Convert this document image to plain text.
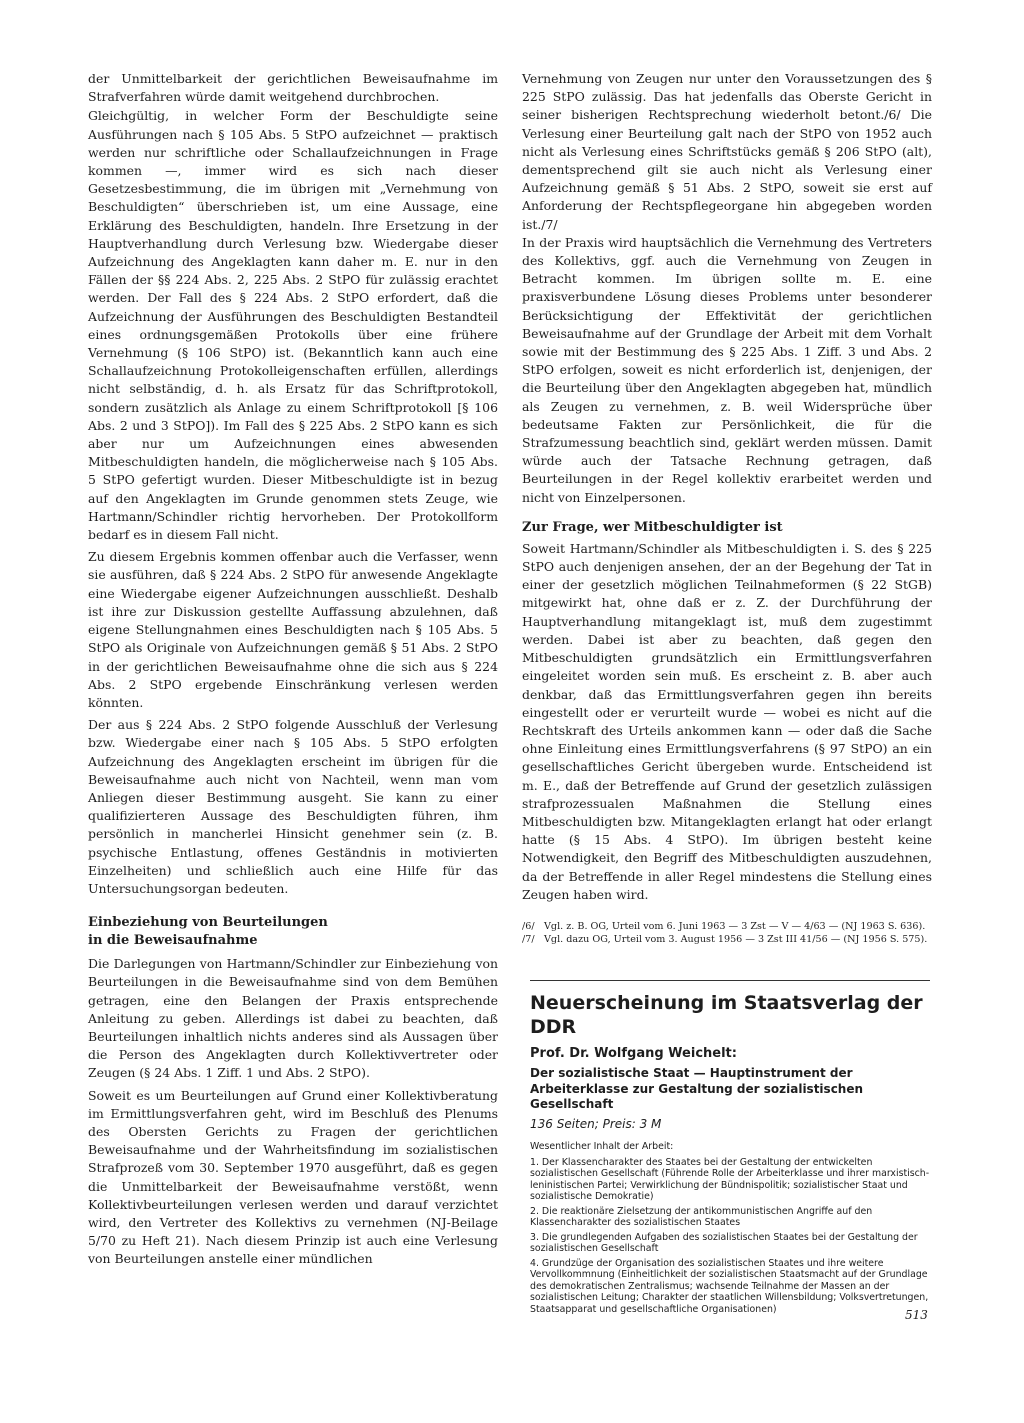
der Unmittelbarkeit der gerichtlichen Beweisaufnahme im Strafverfahren würde damit weitgehend durchbrochen.

Gleichgültig, in welcher Form der Beschuldigte seine Ausführungen nach § 105 Abs. 5 StPO aufzeichnet — praktisch werden nur schriftliche oder Schallaufzeichnungen in Frage kommen —, immer wird es sich nach dieser Gesetzesbestimmung, die im übrigen mit „Vernehmung von Beschuldigten“ überschrieben ist, um eine Aussage, eine Erklärung des Beschuldigten, handeln. Ihre Ersetzung in der Hauptverhandlung durch Verlesung bzw. Wiedergabe dieser Aufzeichnung des Angeklagten kann daher m. E. nur in den Fällen der §§ 224 Abs. 2, 225 Abs. 2 StPO für zulässig erachtet werden. Der Fall des § 224 Abs. 2 StPO erfordert, daß die Aufzeichnung der Ausführungen des Beschuldigten Bestandteil eines ordnungsgemäßen Protokolls über eine frühere Vernehmung (§ 106 StPO) ist. (Bekanntlich kann auch eine Schallaufzeichnung Protokolleigenschaften erfüllen, allerdings nicht selbständig, d. h. als Ersatz für das Schriftprotokoll, sondern zusätzlich als Anlage zu einem Schriftprotokoll [§ 106 Abs. 2 und 3 StPO]). Im Fall des § 225 Abs. 2 StPO kann es sich aber nur um Aufzeichnungen eines abwesenden Mitbeschuldigten handeln, die möglicherweise nach § 105 Abs. 5 StPO gefertigt wurden. Dieser Mitbeschuldigte ist in bezug auf den Angeklagten im Grunde genommen stets Zeuge, wie Hartmann/Schindler richtig hervorheben. Der Protokollform bedarf es in diesem Fall nicht.

Zu diesem Ergebnis kommen offenbar auch die Verfasser, wenn sie ausführen, daß § 224 Abs. 2 StPO für anwesende Angeklagte eine Wiedergabe eigener Aufzeichnungen ausschließt. Deshalb ist ihre zur Diskussion gestellte Auffassung abzulehnen, daß eigene Stellungnahmen eines Beschuldigten nach § 105 Abs. 5 StPO als Originale von Aufzeichnungen gemäß § 51 Abs. 2 StPO in der gerichtlichen Beweisaufnahme ohne die sich aus § 224 Abs. 2 StPO ergebende Einschränkung verlesen werden könnten.

Der aus § 224 Abs. 2 StPO folgende Ausschluß der Verlesung bzw. Wiedergabe einer nach § 105 Abs. 5 StPO erfolgten Aufzeichnung des Angeklagten erscheint im übrigen für die Beweisaufnahme auch nicht von Nachteil, wenn man vom Anliegen dieser Bestimmung ausgeht. Sie kann zu einer qualifizierteren Aussage des Beschuldigten führen, ihm persönlich in mancherlei Hinsicht genehmer sein (z. B. psychische Entlastung, offenes Geständnis in motivierten Einzelheiten) und schließlich auch eine Hilfe für das Untersuchungsorgan bedeuten.

Einbeziehung von Beurteilungen in die Beweisaufnahme

Die Darlegungen von Hartmann/Schindler zur Einbeziehung von Beurteilungen in die Beweisaufnahme sind von dem Bemühen getragen, eine den Belangen der Praxis entsprechende Anleitung zu geben. Allerdings ist dabei zu beachten, daß Beurteilungen inhaltlich nichts anderes sind als Aussagen über die Person des Angeklagten durch Kollektivvertreter oder Zeugen (§ 24 Abs. 1 Ziff. 1 und Abs. 2 StPO).

Soweit es um Beurteilungen auf Grund einer Kollektivberatung im Ermittlungsverfahren geht, wird im Beschluß des Plenums des Obersten Gerichts zu Fragen der gerichtlichen Beweisaufnahme und der Wahrheitsfindung im sozialistischen Strafprozeß vom 30. September 1970 ausgeführt, daß es gegen die Unmittelbarkeit der Beweisaufnahme verstößt, wenn Kollektivbeurteilungen verlesen werden und darauf verzichtet wird, den Vertreter des Kollektivs zu vernehmen (NJ-Beilage 5/70 zu Heft 21). Nach diesem Prinzip ist auch eine Verlesung von Beurteilungen anstelle einer mündlichen

Vernehmung von Zeugen nur unter den Voraussetzungen des § 225 StPO zulässig. Das hat jedenfalls das Oberste Gericht in seiner bisherigen Rechtsprechung wiederholt betont./6/ Die Verlesung einer Beurteilung galt nach der StPO von 1952 auch nicht als Verlesung eines Schriftstücks gemäß § 206 StPO (alt), dementsprechend gilt sie auch nicht als Verlesung einer Aufzeichnung gemäß § 51 Abs. 2 StPO, soweit sie erst auf Anforderung der Rechtspflegeorgane hin abgegeben worden ist./7/

In der Praxis wird hauptsächlich die Vernehmung des Vertreters des Kollektivs, ggf. auch die Vernehmung von Zeugen in Betracht kommen. Im übrigen sollte m. E. eine praxisverbundene Lösung dieses Problems unter besonderer Berücksichtigung der Effektivität der gerichtlichen Beweisaufnahme auf der Grundlage der Arbeit mit dem Vorhalt sowie mit der Bestimmung des § 225 Abs. 1 Ziff. 3 und Abs. 2 StPO erfolgen, soweit es nicht erforderlich ist, denjenigen, der die Beurteilung über den Angeklagten abgegeben hat, mündlich als Zeugen zu vernehmen, z. B. weil Widersprüche über bedeutsame Fakten zur Persönlichkeit, die für die Strafzumessung beachtlich sind, geklärt werden müssen. Damit würde auch der Tatsache Rechnung getragen, daß Beurteilungen in der Regel kollektiv erarbeitet werden und nicht von Einzelpersonen.

Zur Frage, wer Mitbeschuldigter ist

Soweit Hartmann/Schindler als Mitbeschuldigten i. S. des § 225 StPO auch denjenigen ansehen, der an der Begehung der Tat in einer der gesetzlich möglichen Teilnahmeformen (§ 22 StGB) mitgewirkt hat, ohne daß er z. Z. der Durchführung der Hauptverhandlung mitangeklagt ist, muß dem zugestimmt werden. Dabei ist aber zu beachten, daß gegen den Mitbeschuldigten grundsätzlich ein Ermittlungsverfahren eingeleitet worden sein muß. Es erscheint z. B. aber auch denkbar, daß das Ermittlungsverfahren gegen ihn bereits eingestellt oder er verurteilt wurde — wobei es nicht auf die Rechtskraft des Urteils ankommen kann — oder daß die Sache ohne Einleitung eines Ermittlungsverfahrens (§ 97 StPO) an ein gesellschaftliches Gericht übergeben wurde. Entscheidend ist m. E., daß der Betreffende auf Grund der gesetzlich zulässigen strafprozessualen Maßnahmen die Stellung eines Mitbeschuldigten bzw. Mitangeklagten erlangt hat oder erlangt hatte (§ 15 Abs. 4 StPO). Im übrigen besteht keine Notwendigkeit, den Begriff des Mitbeschuldigten auszudehnen, da der Betreffende in aller Regel mindestens die Stellung eines Zeugen haben wird.

/6/ Vgl. z. B. OG, Urteil vom 6. Juni 1963 — 3 Zst — V — 4/63 — (NJ 1963 S. 636).

/7/ Vgl. dazu OG, Urteil vom 3. August 1956 — 3 Zst III 41/56 — (NJ 1956 S. 575).

Neuerscheinung im Staatsverlag der DDR

Prof. Dr. Wolfgang Weichelt:

Der sozialistische Staat — Hauptinstrument der Arbeiterklasse zur Gestaltung der sozialistischen Gesellschaft

136 Seiten; Preis: 3 M

Wesentlicher Inhalt der Arbeit:

1. Der Klassencharakter des Staates bei der Gestaltung der entwickelten sozialistischen Gesellschaft (Führende Rolle der Arbeiterklasse und ihrer marxistisch-leninistischen Partei; Verwirklichung der Bündnispolitik; sozialistischer Staat und sozialistische Demokratie)

2. Die reaktionäre Zielsetzung der antikommunistischen Angriffe auf den Klassencharakter des sozialistischen Staates

3. Die grundlegenden Aufgaben des sozialistischen Staates bei der Gestaltung der sozialistischen Gesellschaft

4. Grundzüge der Organisation des sozialistischen Staates und ihre weitere Vervollkommnung (Einheitlichkeit der sozialistischen Staatsmacht auf der Grundlage des demokratischen Zentralismus; wachsende Teilnahme der Massen an der sozialistischen Leitung; Charakter der staatlichen Willensbildung; Volksvertretungen, Staatsapparat und gesellschaftliche Organisationen)	513
